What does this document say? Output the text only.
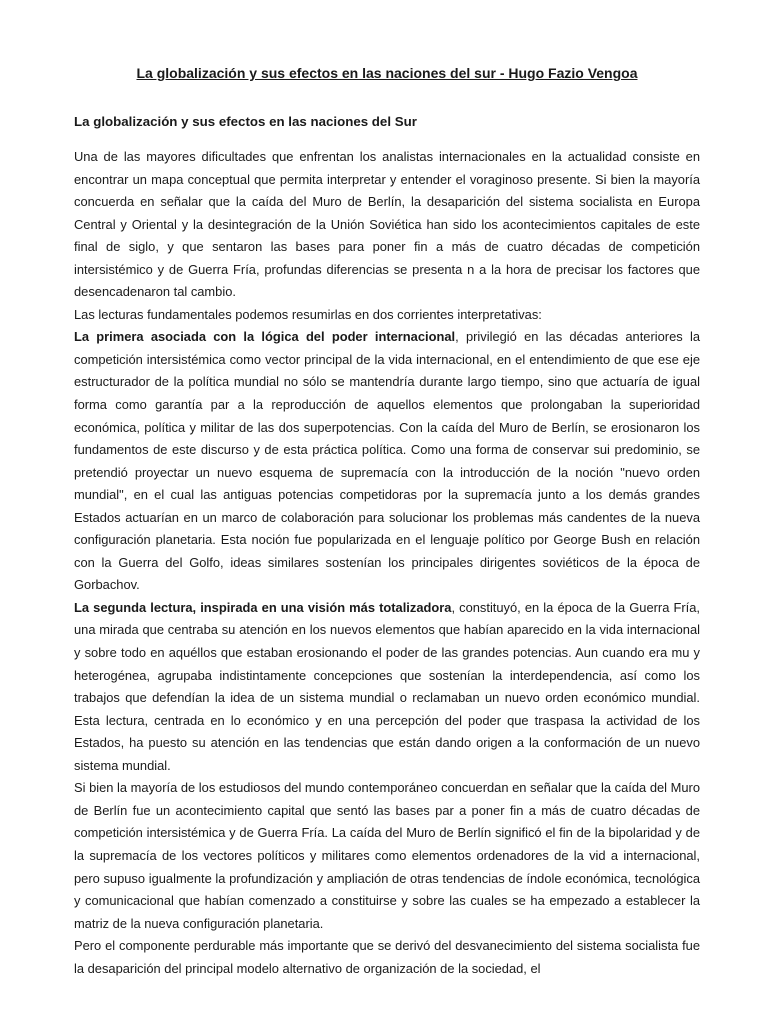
La globalización y sus efectos en las naciones del sur - Hugo Fazio Vengoa
La globalización y sus efectos en las naciones del Sur

Una de las mayores dificultades que enfrentan los analistas internacionales en la actualidad consiste en encontrar un mapa conceptual que permita interpretar y entender el voraginoso presente. Si bien la mayoría concuerda en señalar que la caída del Muro de Berlín, la desaparición del sistema socialista en Europa Central y Oriental y la desintegración de la Unión Soviética han sido los acontecimientos capitales de este final de siglo, y que sentaron las bases para poner fin a más de cuatro décadas de competición intersistémico y de Guerra Fría, profundas diferencias se presenta n a la hora de precisar los factores que desencadenaron tal cambio.

Las lecturas fundamentales podemos resumirlas en dos corrientes interpretativas:

La primera asociada con la lógica del poder internacional, privilegió en las décadas anteriores la competición intersistémica como vector principal de la vida internacional, en el entendimiento de que ese eje estructurador de la política mundial no sólo se mantendría durante largo tiempo, sino que actuaría de igual forma como garantía par a la reproducción de aquellos elementos que prolongaban la superioridad económica, política y militar de las dos superpotencias. Con la caída del Muro de Berlín, se erosionaron los fundamentos de este discurso y de esta práctica política. Como una forma de conservar sui predominio, se pretendió proyectar un nuevo esquema de supremacía con la introducción de la noción "nuevo orden mundial", en el cual las antiguas potencias competidoras por la supremacía junto a los demás grandes Estados actuarían en un marco de colaboración para solucionar los problemas más candentes de la nueva configuración planetaria. Esta noción fue popularizada en el lenguaje político por George Bush en relación con la Guerra del Golfo, ideas similares sostenían los principales dirigentes soviéticos de la época de Gorbachov.

La segunda lectura, inspirada en una visión más totalizadora, constituyó, en la época de la Guerra Fría, una mirada que centraba su atención en los nuevos elementos que habían aparecido en la vida internacional y sobre todo en aquéllos que estaban erosionando el poder de las grandes potencias. Aun cuando era mu y heterogénea, agrupaba indistintamente concepciones que sostenían la interdependencia, así como los trabajos que defendían la idea de un sistema mundial o reclamaban un nuevo orden económico mundial. Esta lectura, centrada en lo económico y en una percepción del poder que traspasa la actividad de los Estados, ha puesto su atención en las tendencias que están dando origen a la conformación de un nuevo sistema mundial.

Si bien la mayoría de los estudiosos del mundo contemporáneo concuerdan en señalar que la caída del Muro de Berlín fue un acontecimiento capital que sentó las bases par a poner fin a más de cuatro décadas de competición intersistémica y de Guerra Fría. La caída del Muro de Berlín significó el fin de la bipolaridad y de la supremacía de los vectores políticos y militares como elementos ordenadores de la vid a internacional, pero supuso igualmente la profundización y ampliación de otras tendencias de índole económica, tecnológica y comunicacional que habían comenzado a constituirse y sobre las cuales se ha empezado a establecer la matriz de la nueva configuración planetaria.

Pero el componente perdurable más importante que se derivó del desvanecimiento del sistema socialista fue la desaparición del principal modelo alternativo de organización de la sociedad, el
